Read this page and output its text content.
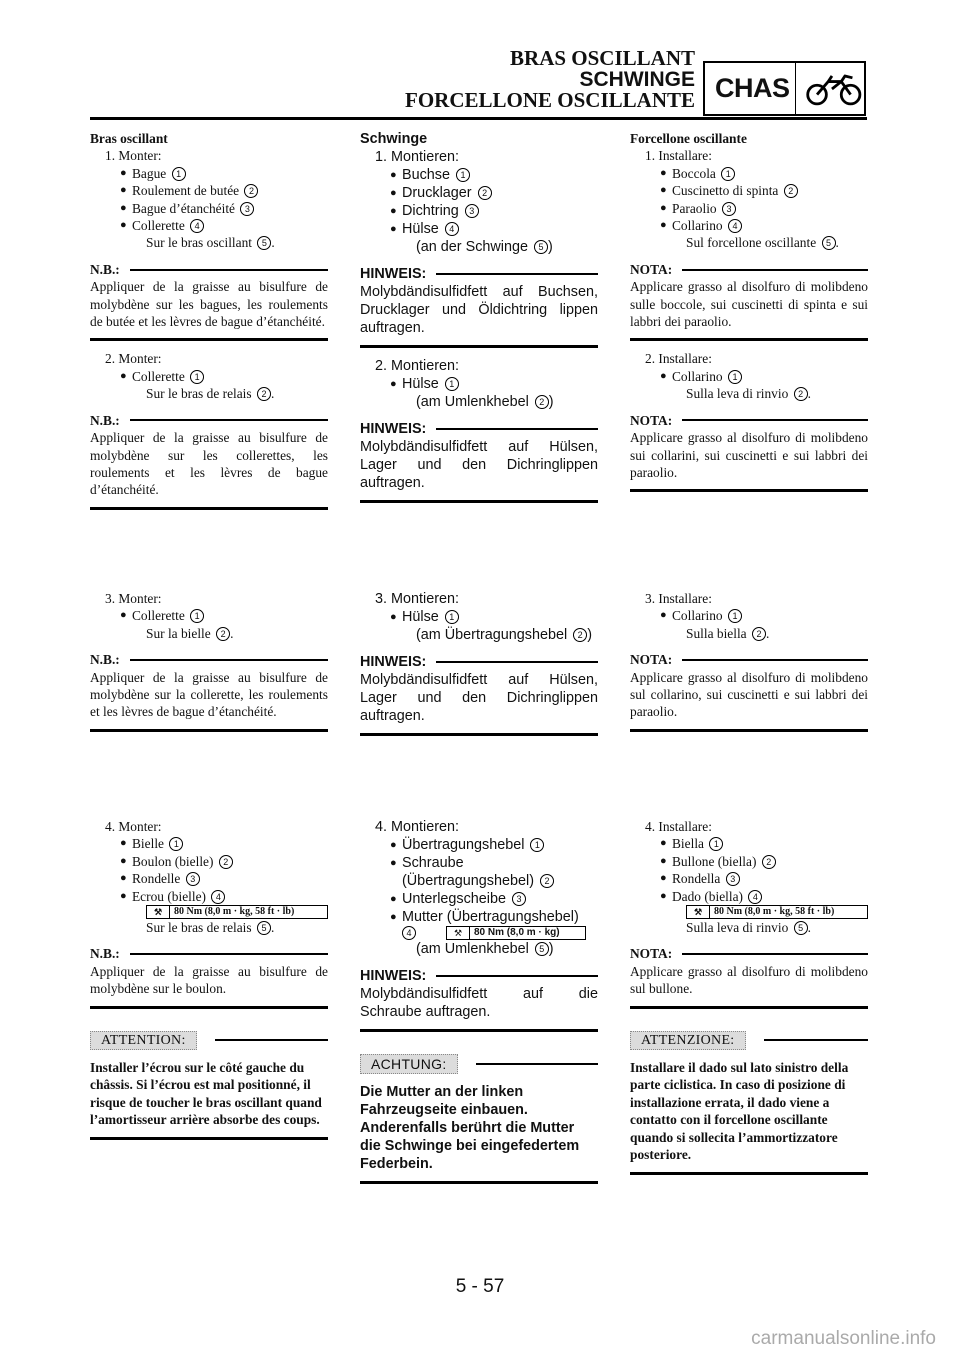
BRAS OSCILLANT
SCHWINGE
FORCELLONE OSCILLANTE CHAS
Bras oscillant
1. Monter:
● Bague 1
● Roulement de butée 2
● Bague d’étanchéité 3
● Collerette 4
Sur le bras oscillant 5 .
N.B.:
Appliquer de la graisse au bisulfure de molybdène sur les bagues, les roulements de butée et les lèvres de bague d’étanchéité.
2. Monter:
● Collerette 1
Sur le bras de relais 2 .
N.B.:
Appliquer de la graisse au bisulfure de molybdène sur les collerettes, les roulements et les lèvres de bague d’étanchéité.
3. Monter:
● Collerette 1
Sur la bielle 2 .
N.B.:
Appliquer de la graisse au bisulfure de molybdène sur la collerette, les roulements et les lèvres de bague d’étanchéité.
4. Monter:
● Bielle 1
● Boulon (bielle) 2
● Rondelle 3
● Ecrou (bielle) 4
⚒	80 Nm (8,0 m · kg, 58 ft · lb)
Sur le bras de relais 5 .
N.B.:
Appliquer de la graisse au bisulfure de molybdène sur le boulon.
ATTENTION:
Installer l’écrou sur le côté gauche du châssis. Si l’écrou est mal positionné, il risque de toucher le bras oscillant quand l’amortisseur arrière absorbe des coups.
Schwinge
1. Montieren:
● Buchse 1
● Drucklager 2
● Dichtring 3
● Hülse 4
(an der Schwinge 5 )
HINWEIS:
Molybdändisulfidfett auf Buchsen, Drucklager und Öldichtring lippen auftragen.
2. Montieren:
● Hülse 1
(am Umlenkhebel 2 )
HINWEIS:
Molybdändisulfidfett auf Hülsen, Lager und den Dichringlippen auftragen.
3. Montieren:
● Hülse 1
(am Übertragungshebel 2 )
HINWEIS:
Molybdändisulfidfett auf Hülsen, Lager und den Dichringlippen auftragen.
4. Montieren:
● Übertragungshebel 1
● Schraube (Übertragungshebel) 2
● Unterlegscheibe 3
● Mutter (Übertragungshebel)
4	⚒	80 Nm (8,0 m · kg)
(am Umlenkhebel 5 )
HINWEIS:
Molybdändisulfidfett auf die Schraube auftragen.
ACHTUNG:
Die Mutter an der linken Fahrzeugseite einbauen. Anderenfalls berührt die Mutter die Schwinge bei eingefedertem Federbein.
Forcellone oscillante
1. Installare:
● Boccola 1
● Cuscinetto di spinta 2
● Paraolio 3
● Collarino 4
Sul forcellone oscillante 5 .
NOTA:
Applicare grasso al disolfuro di molibdeno sulle boccole, sui cuscinetti di spinta e sui labbri dei paraolio.
2. Installare:
● Collarino 1
Sulla leva di rinvio 2 .
NOTA:
Applicare grasso al disolfuro di molibdeno sui collarini, sui cuscinetti e sui labbri dei paraolio.
3. Installare:
● Collarino 1
Sulla biella 2 .
NOTA:
Applicare grasso al disolfuro di molibdeno sul collarino, sui cuscinetti e sui labbri dei paraolio.
4. Installare:
● Biella 1
● Bullone (biella) 2
● Rondella 3
● Dado (biella) 4
⚒	80 Nm (8,0 m · kg, 58 ft · lb)
Sulla leva di rinvio 5 .
NOTA:
Applicare grasso al disolfuro di molibdeno sul bullone.
ATTENZIONE:
Installare il dado sul lato sinistro della parte ciclistica. In caso di posizione di installazione errata, il dado viene a contatto con il forcellone oscillante quando si sollecita l’ammortizzatore posteriore.
5 - 57
carmanualsonline.info
